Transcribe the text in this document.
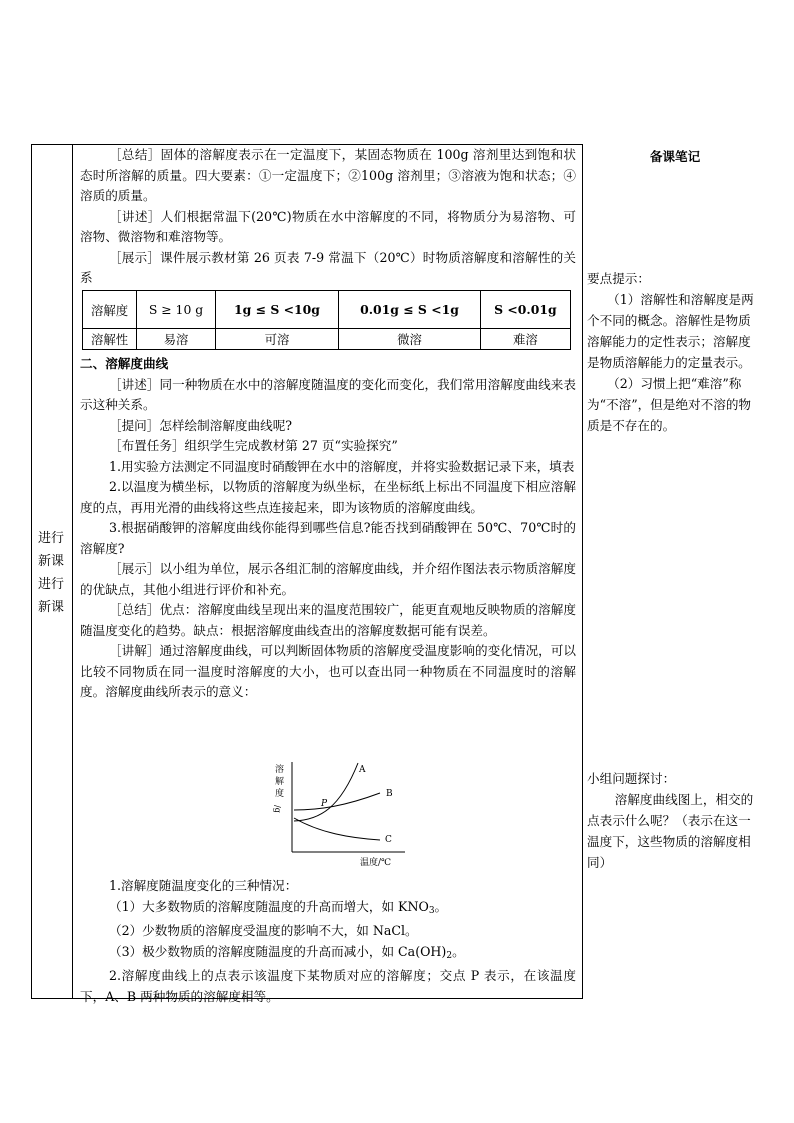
进行
新课
进行
新课

［总结］固体的溶解度表示在一定温度下，某固态物质在 100g 溶剂里达到饱和状态时所溶解的质量。四大要素：①一定温度下；②100g 溶剂里；③溶液为饱和状态；④溶质的质量。

［讲述］人们根据常温下(20℃)物质在水中溶解度的不同，将物质分为易溶物、可溶物、微溶物和难溶物等。

［展示］课件展示教材第 26 页表 7-9 常温下（20℃）时物质溶解度和溶解性的关系

溶解度	S ≥ 10 g	1g ≤ S <10g	0.01g ≤ S <1g	S <0.01g
溶解性	易溶	可溶	微溶	难溶

二、溶解度曲线

［讲述］同一种物质在水中的溶解度随温度的变化而变化，我们常用溶解度曲线来表示这种关系。

［提问］怎样绘制溶解度曲线呢?

［布置任务］组织学生完成教材第 27 页“实验探究”

1.用实验方法测定不同温度时硝酸钾在水中的溶解度，并将实验数据记录下来，填表

2.以温度为横坐标，以物质的溶解度为纵坐标，在坐标纸上标出不同温度下相应溶解度的点，再用光滑的曲线将这些点连接起来，即为该物质的溶解度曲线。

3.根据硝酸钾的溶解度曲线你能得到哪些信息?能否找到硝酸钾在 50℃、70℃时的溶解度?

［展示］以小组为单位，展示各组汇制的溶解度曲线，并介绍作图法表示物质溶解度的优缺点，其他小组进行评价和补充。

［总结］优点：溶解度曲线呈现出来的温度范围较广，能更直观地反映物质的溶解度随温度变化的趋势。缺点：根据溶解度曲线查出的溶解度数据可能有误差。

［讲解］通过溶解度曲线，可以判断固体物质的溶解度受温度影响的变化情况，可以比较不同物质在同一温度时溶解度的大小，也可以查出同一种物质在不同温度时的溶解度。溶解度曲线所表示的意义：

溶
解
度
/g
A
B
C
P
温度/℃

1.溶解度随温度变化的三种情况：

（1）大多数物质的溶解度随温度的升高而增大，如 $KNO_3$。

（2）少数物质的溶解度受温度的影响不大，如 NaCl。

（3）极少数物质的溶解度随温度的升高而减小，如 $Ca(OH)_2$。

2.溶解度曲线上的点表示该温度下某物质对应的溶解度；交点 P 表示，在该温度下，A、B 两种物质的溶解度相等。

备课笔记

要点提示：

（1）溶解性和溶解度是两个不同的概念。溶解性是物质溶解能力的定性表示；溶解度是物质溶解能力的定量表示。

（2）习惯上把“难溶”称为“不溶”，但是绝对不溶的物质是不存在的。

小组问题探讨：

溶解度曲线图上，相交的点表示什么呢？（表示在这一温度下，这些物质的溶解度相同）
